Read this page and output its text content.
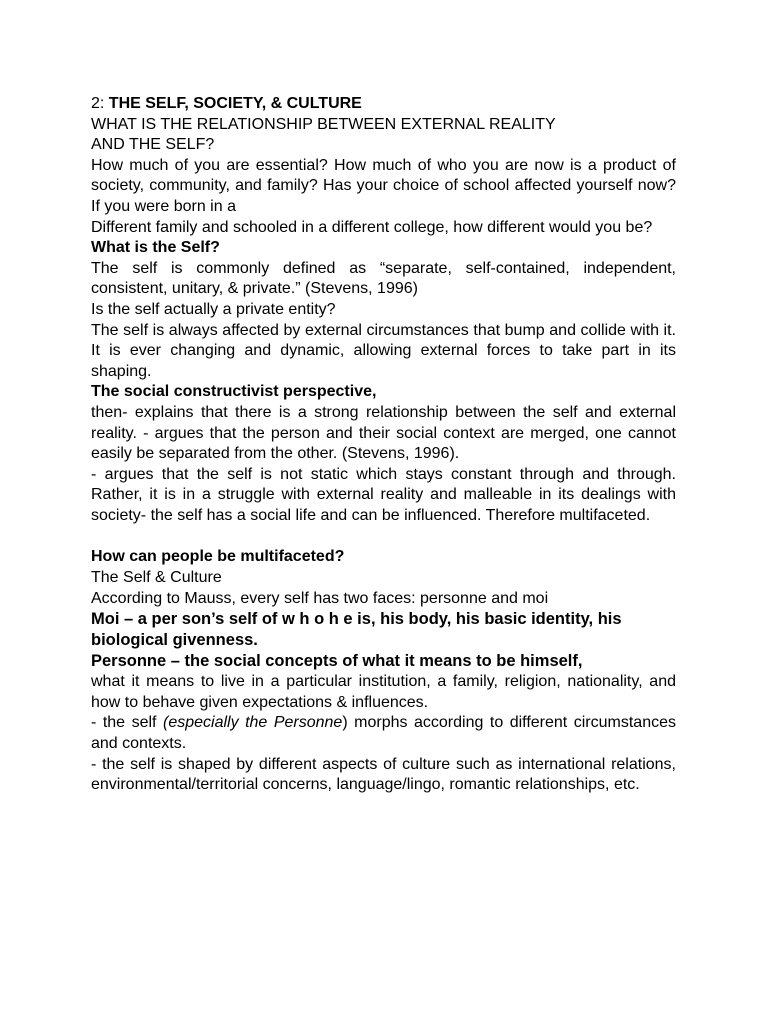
2: THE SELF, SOCIETY, & CULTURE

WHAT IS THE RELATIONSHIP BETWEEN EXTERNAL REALITY

AND THE SELF?

How much of you are essential? How much of who you are now is a product of society, community, and family? Has your choice of school affected yourself now? If you were born in a

Different family and schooled in a different college, how different would you be?

What is the Self?

The self is commonly defined as “separate, self-contained, independent, consistent, unitary, & private.” (Stevens, 1996)

Is the self actually a private entity?

The self is always affected by external circumstances that bump and collide with it. It is ever changing and dynamic, allowing external forces to take part in its shaping.

The social constructivist perspective,

then- explains that there is a strong relationship between the self and external reality. - argues that the person and their social context are merged, one cannot easily be separated from the other. (Stevens, 1996).

- argues that the self is not static which stays constant through and through. Rather, it is in a struggle with external reality and malleable in its dealings with society- the self has a social life and can be influenced. Therefore multifaceted.

How can people be multifaceted?

The Self & Culture

According to Mauss, every self has two faces: personne and moi

Moi – a per son’s self of w h o h e is, his body, his basic identity, his biological givenness.

Personne – the social concepts of what it means to be himself,

what it means to live in a particular institution, a family, religion, nationality, and how to behave given expectations & influences.

- the self (especially the Personne) morphs according to different circumstances and contexts.

- the self is shaped by different aspects of culture such as international relations, environmental/territorial concerns, language/lingo, romantic relationships, etc.
